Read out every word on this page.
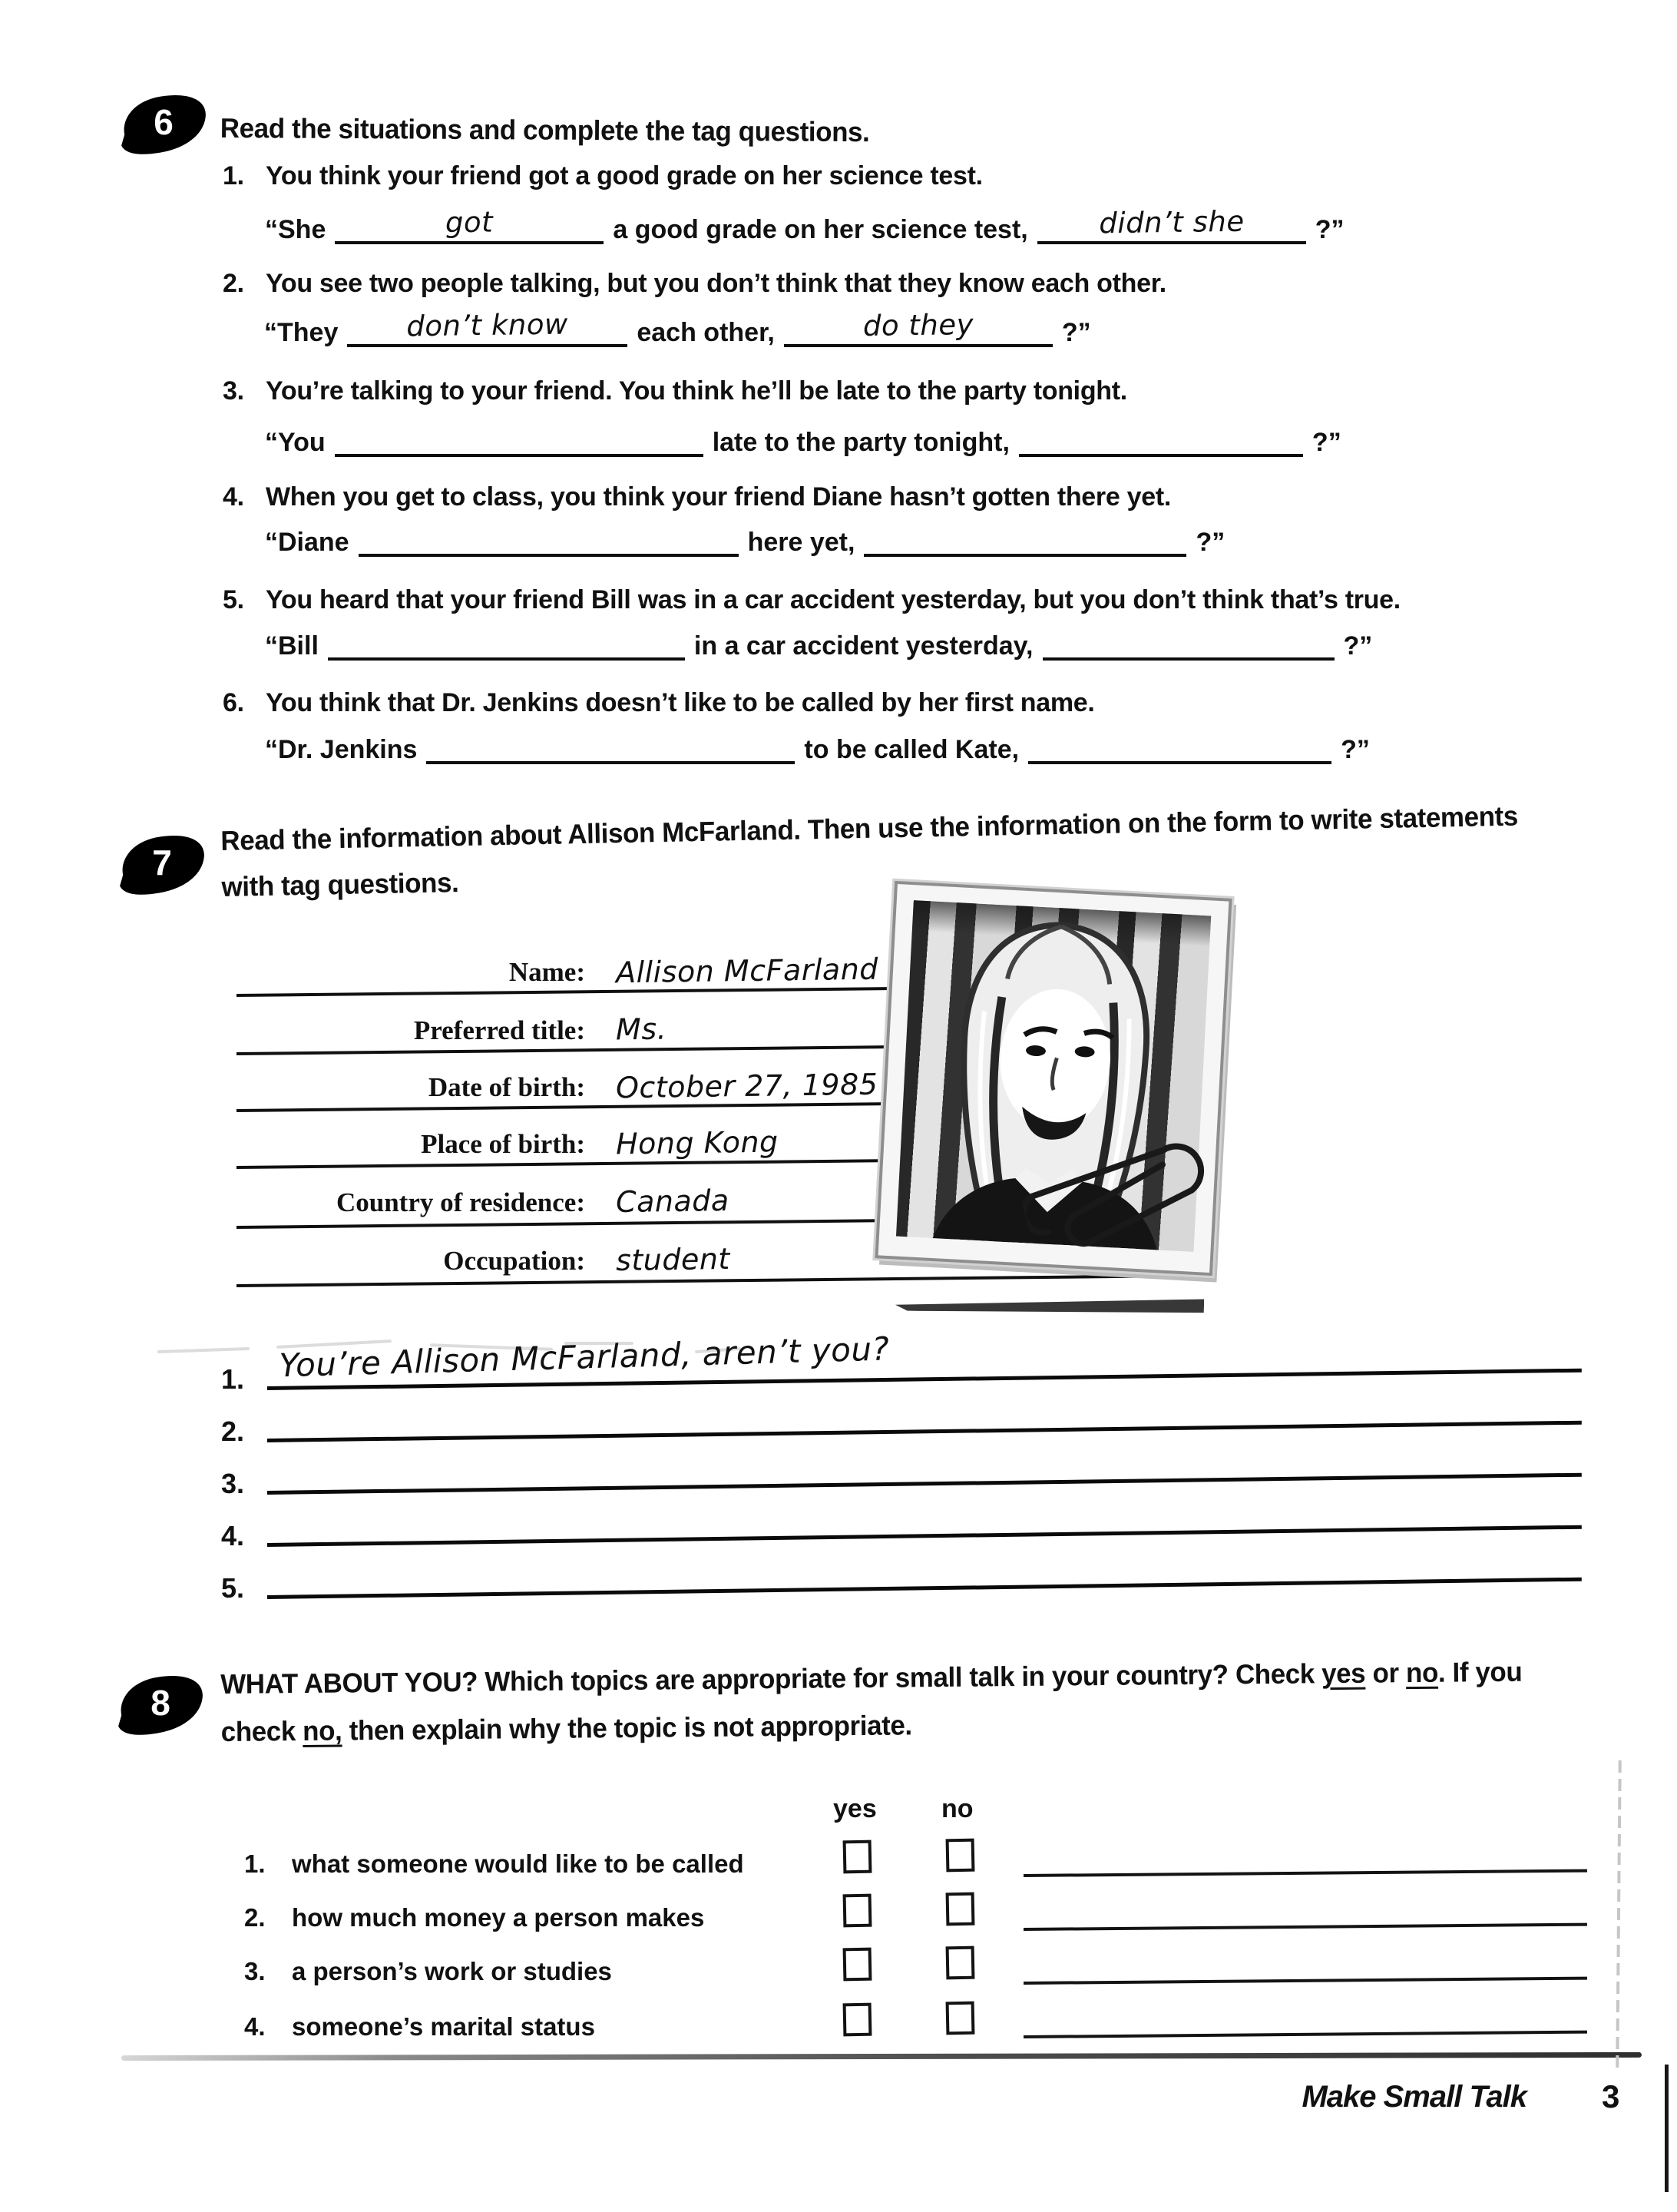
6	Read the situations and complete the tag questions.
1. You think your friend got a good grade on her science test.
“She	got	a good grade on her science test,	didn’t she	?”
2. You see two people talking, but you don’t think that they know each other.
“They	don’t know	each other,	do they	?”
3. You’re talking to your friend. You think he’ll be late to the party tonight.
“You	late to the party tonight,	?”
4. When you get to class, you think your friend Diane hasn’t gotten there yet.
“Diane	here yet,	?”
5. You heard that your friend Bill was in a car accident yesterday, but you don’t think that’s true.
“Bill	in a car accident yesterday,	?”
6. You think that Dr. Jenkins doesn’t like to be called by her first name.
“Dr. Jenkins	to be called Kate,	?”
7
Read the information about Allison McFarland. Then use the information on the form to write statements
with tag questions.
Name: Allison McFarland
Preferred title: Ms.
Date of birth: October 27, 1985
Place of birth: Hong Kong
Country of residence: Canada
Occupation: student
1. You’re Allison McFarland, aren’t you?
2.
3.
4.
5.
8
WHAT ABOUT YOU? Which topics are appropriate for small talk in your country? Check yes or no. If you
check no, then explain why the topic is not appropriate.
yes no
1. what someone would like to be called
2. how much money a person makes
3. a person’s work or studies
4. someone’s marital status
Make Small Talk 3
